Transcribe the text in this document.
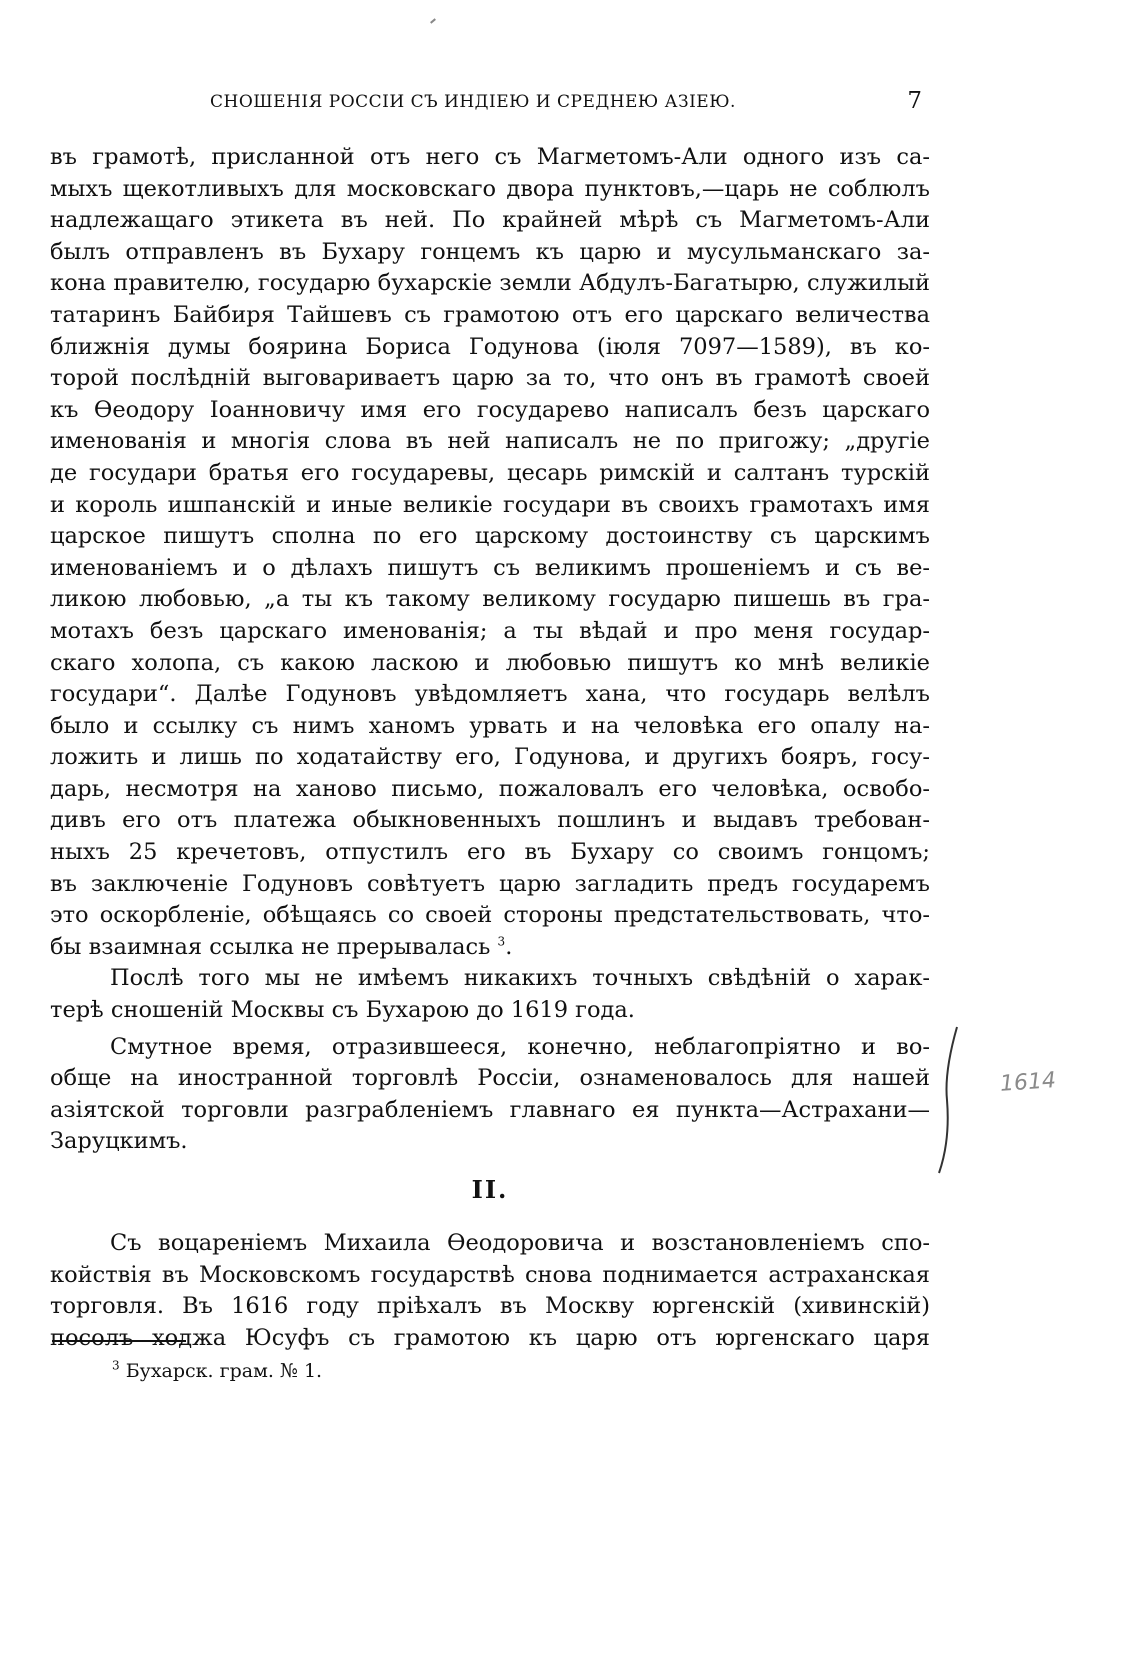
СНОШЕНІЯ РОССІИ СЪ ИНДІЕЮ И СРЕДНЕЮ АЗІЕЮ.	7
въ грамотѣ, присланной отъ него съ Магметомъ-Али одного изъ са-
мыхъ щекотливыхъ для московскаго двора пунктовъ,—царь не соблюлъ
надлежащаго этикета въ ней. По крайней мѣрѣ съ Магметомъ-Али
былъ отправленъ въ Бухару гонцемъ къ царю и мусульманскаго за-
кона правителю, государю бухарскіе земли Абдулъ-Багатырю, служилый
татаринъ Байбиря Тайшевъ съ грамотою отъ его царскаго величества
ближнія думы боярина Бориса Годунова (іюля 7097—1589), въ ко-
торой послѣдній выговариваетъ царю за то, что онъ въ грамотѣ своей
къ Ѳеодору Іоанновичу имя его государево написалъ безъ царскаго
именованія и многія слова въ ней написалъ не по пригожу; „другіе
де государи братья его государевы, цесарь римскій и салтанъ турскій
и король ишпанскій и иные великіе государи въ своихъ грамотахъ имя
царское пишутъ сполна по его царскому достоинству съ царскимъ
именованіемъ и о дѣлахъ пишутъ съ великимъ прошеніемъ и съ ве-
ликою любовью, „а ты къ такому великому государю пишешь въ гра-
мотахъ безъ царскаго именованія; а ты вѣдай и про меня государ-
скаго холопа, съ какою ласкою и любовью пишутъ ко мнѣ великіе
государи“. Далѣе Годуновъ увѣдомляетъ хана, что государь велѣлъ
было и ссылку съ нимъ ханомъ урвать и на человѣка его опалу на-
ложить и лишь по ходатайству его, Годунова, и другихъ бояръ, госу-
дарь, несмотря на ханово письмо, пожаловалъ его человѣка, освобо-
дивъ его отъ платежа обыкновенныхъ пошлинъ и выдавъ требован-
ныхъ 25 кречетовъ, отпустилъ его въ Бухару со своимъ гонцомъ;
въ заключеніе Годуновъ совѣтуетъ царю загладить предъ государемъ
это оскорбленіе, обѣщаясь со своей стороны предстательствовать, что-
бы взаимная ссылка не прерывалась $^3$.
Послѣ того мы не имѣемъ никакихъ точныхъ свѣдѣній о харак-
терѣ сношеній Москвы съ Бухарою до 1619 года.
Смутное время, отразившееся, конечно, неблагопріятно и во-
обще на иностранной торговлѣ Россіи, ознаменовалось для нашей
азіятской торговли разграбленіемъ главнаго ея пункта—Астрахани—
Заруцкимъ.
II.
Съ воцареніемъ Михаила Ѳеодоровича и возстановленіемъ спо-
койствія въ Московскомъ государствѣ снова поднимается астраханская
торговля. Въ 1616 году пріѣхалъ въ Москву юргенскій (хивинскій)
посолъ ходжа Юсуфъ съ грамотою къ царю отъ юргенскаго царя
$^3$ Бухарск. грам. № 1.
1614
